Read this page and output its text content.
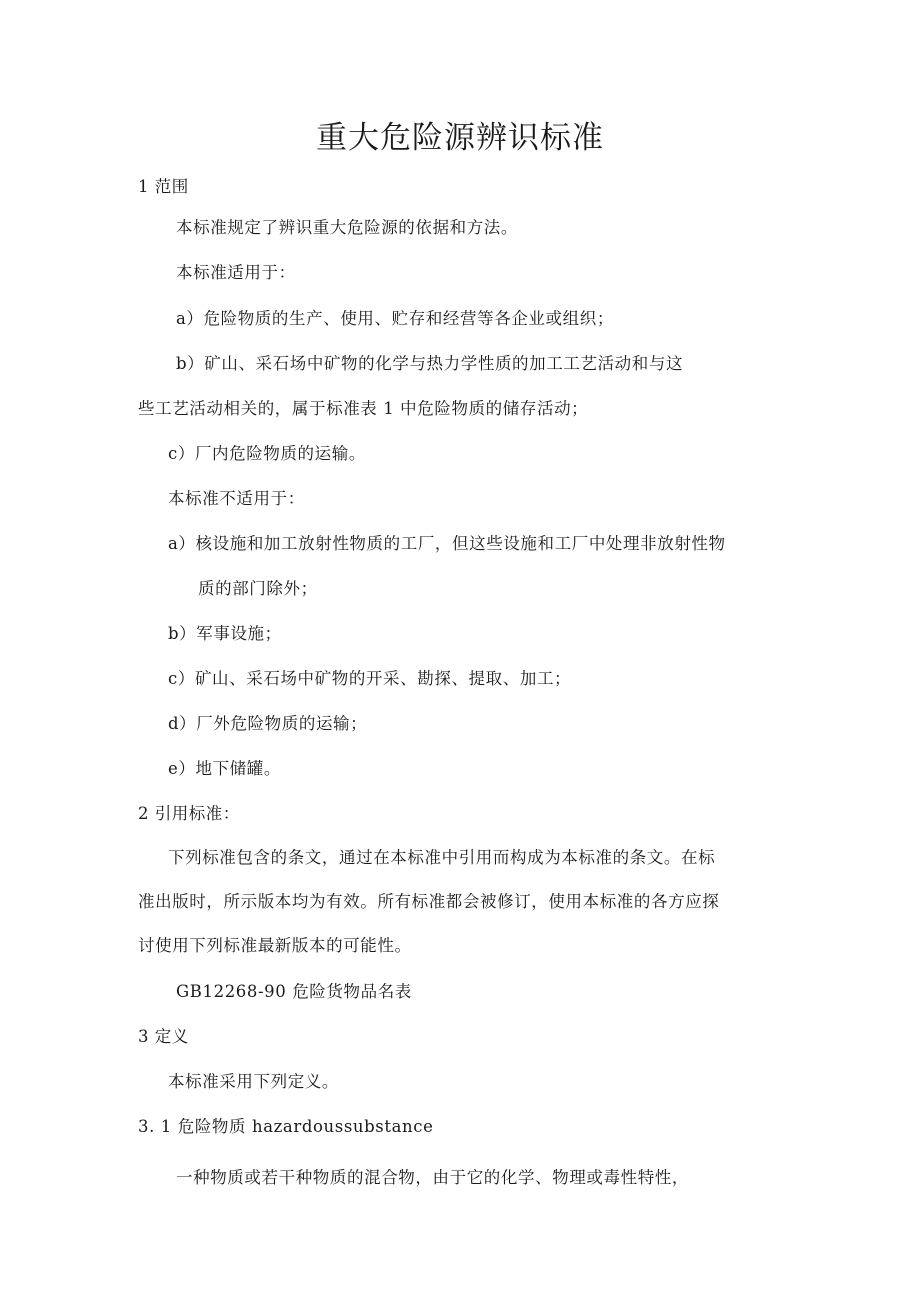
重大危险源辨识标准
1 范围
本标准规定了辨识重大危险源的依据和方法。
本标准适用于：
a）危险物质的生产、使用、贮存和经营等各企业或组织；
b）矿山、采石场中矿物的化学与热力学性质的加工工艺活动和与这
些工艺活动相关的，属于标准表 1 中危险物质的储存活动；
c）厂内危险物质的运输。
本标准不适用于：
a）核设施和加工放射性物质的工厂，但这些设施和工厂中处理非放射性物
质的部门除外；
b）军事设施；
c）矿山、采石场中矿物的开采、勘探、提取、加工；
d）厂外危险物质的运输；
e）地下储罐。
2 引用标准：
下列标准包含的条文，通过在本标准中引用而构成为本标准的条文。在标
准出版时，所示版本均为有效。所有标准都会被修订，使用本标准的各方应探
讨使用下列标准最新版本的可能性。
GB12268-90 危险货物品名表
3 定义
本标准采用下列定义。
3. 1 危险物质 hazardoussubstance
一种物质或若干种物质的混合物，由于它的化学、物理或毒性特性，
